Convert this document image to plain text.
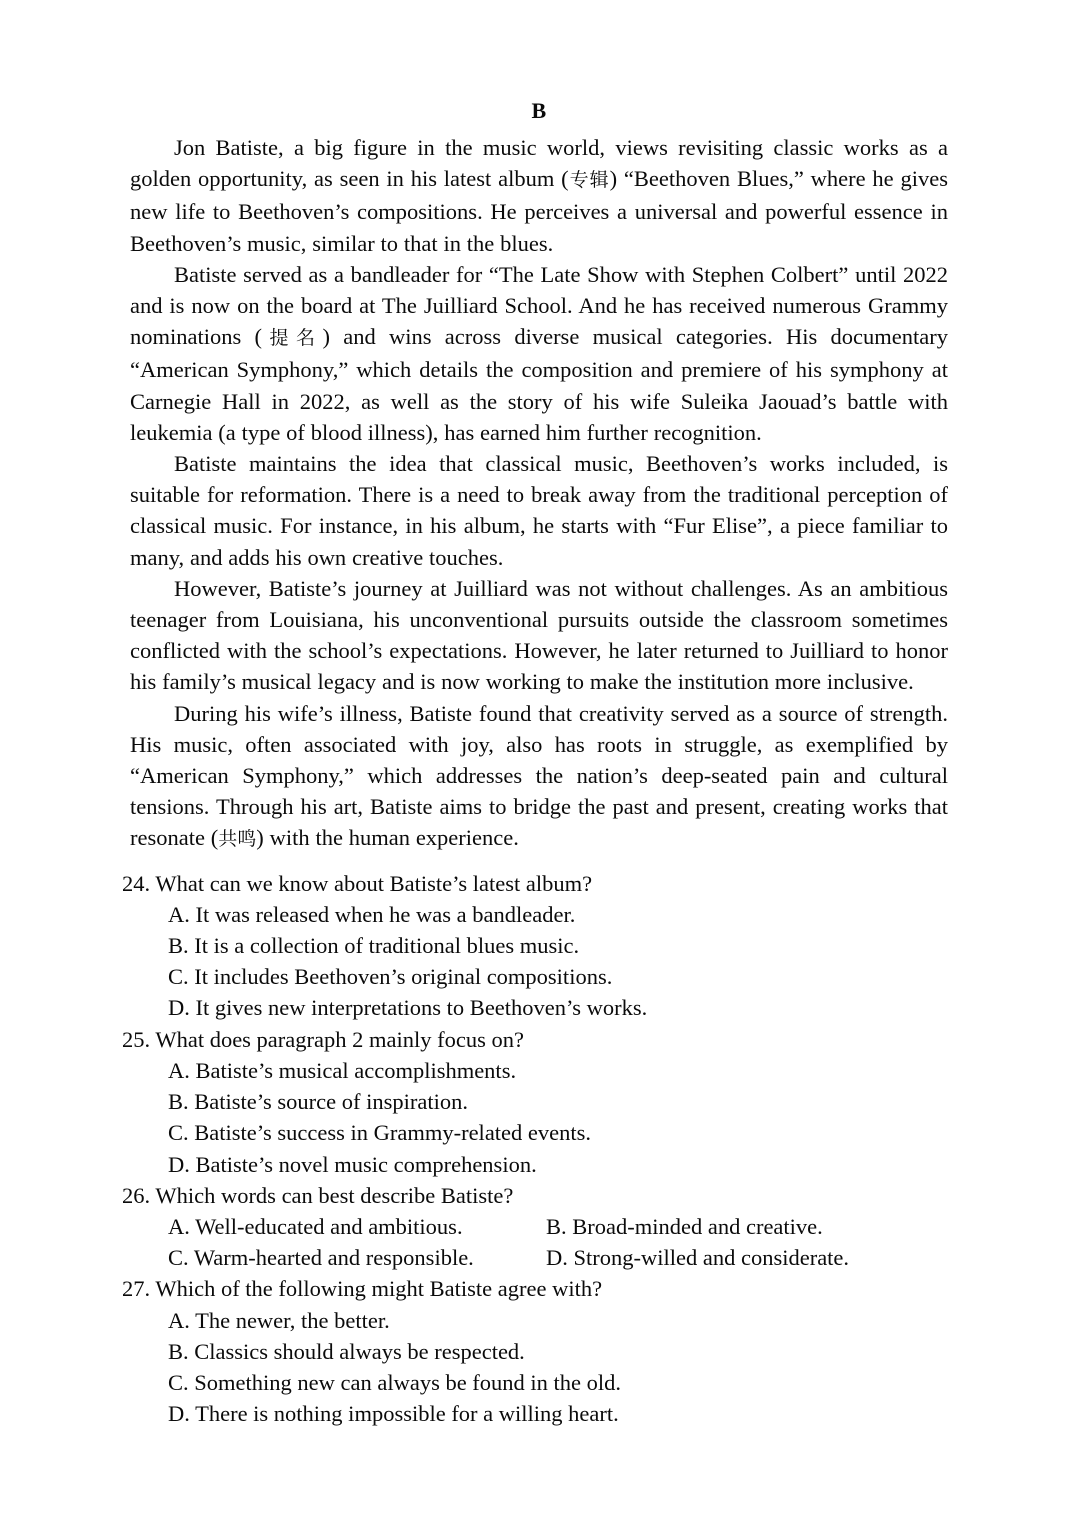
B

Jon Batiste, a big figure in the music world, views revisiting classic works as a golden opportunity, as seen in his latest album (专辑) “Beethoven Blues,” where he gives new life to Beethoven’s compositions. He perceives a universal and powerful essence in Beethoven’s music, similar to that in the blues.

Batiste served as a bandleader for “The Late Show with Stephen Colbert” until 2022 and is now on the board at The Juilliard School. And he has received numerous Grammy nominations (提名) and wins across diverse musical categories. His documentary “American Symphony,” which details the composition and premiere of his symphony at Carnegie Hall in 2022, as well as the story of his wife Suleika Jaouad’s battle with leukemia (a type of blood illness), has earned him further recognition.

Batiste maintains the idea that classical music, Beethoven’s works included, is suitable for reformation. There is a need to break away from the traditional perception of classical music. For instance, in his album, he starts with “Fur Elise”, a piece familiar to many, and adds his own creative touches.

However, Batiste’s journey at Juilliard was not without challenges. As an ambitious teenager from Louisiana, his unconventional pursuits outside the classroom sometimes conflicted with the school’s expectations. However, he later returned to Juilliard to honor his family’s musical legacy and is now working to make the institution more inclusive.

During his wife’s illness, Batiste found that creativity served as a source of strength. His music, often associated with joy, also has roots in struggle, as exemplified by “American Symphony,” which addresses the nation’s deep-seated pain and cultural tensions. Through his art, Batiste aims to bridge the past and present, creating works that resonate (共鸣) with the human experience.

24. What can we know about Batiste’s latest album?
A. It was released when he was a bandleader.
B. It is a collection of traditional blues music.
C. It includes Beethoven’s original compositions.
D. It gives new interpretations to Beethoven’s works.
25. What does paragraph 2 mainly focus on?
A. Batiste’s musical accomplishments.
B. Batiste’s source of inspiration.
C. Batiste’s success in Grammy-related events.
D. Batiste’s novel music comprehension.
26. Which words can best describe Batiste?
A. Well-educated and ambitious.	B. Broad-minded and creative.
C. Warm-hearted and responsible.	D. Strong-willed and considerate.
27. Which of the following might Batiste agree with?
A. The newer, the better.
B. Classics should always be respected.
C. Something new can always be found in the old.
D. There is nothing impossible for a willing heart.
